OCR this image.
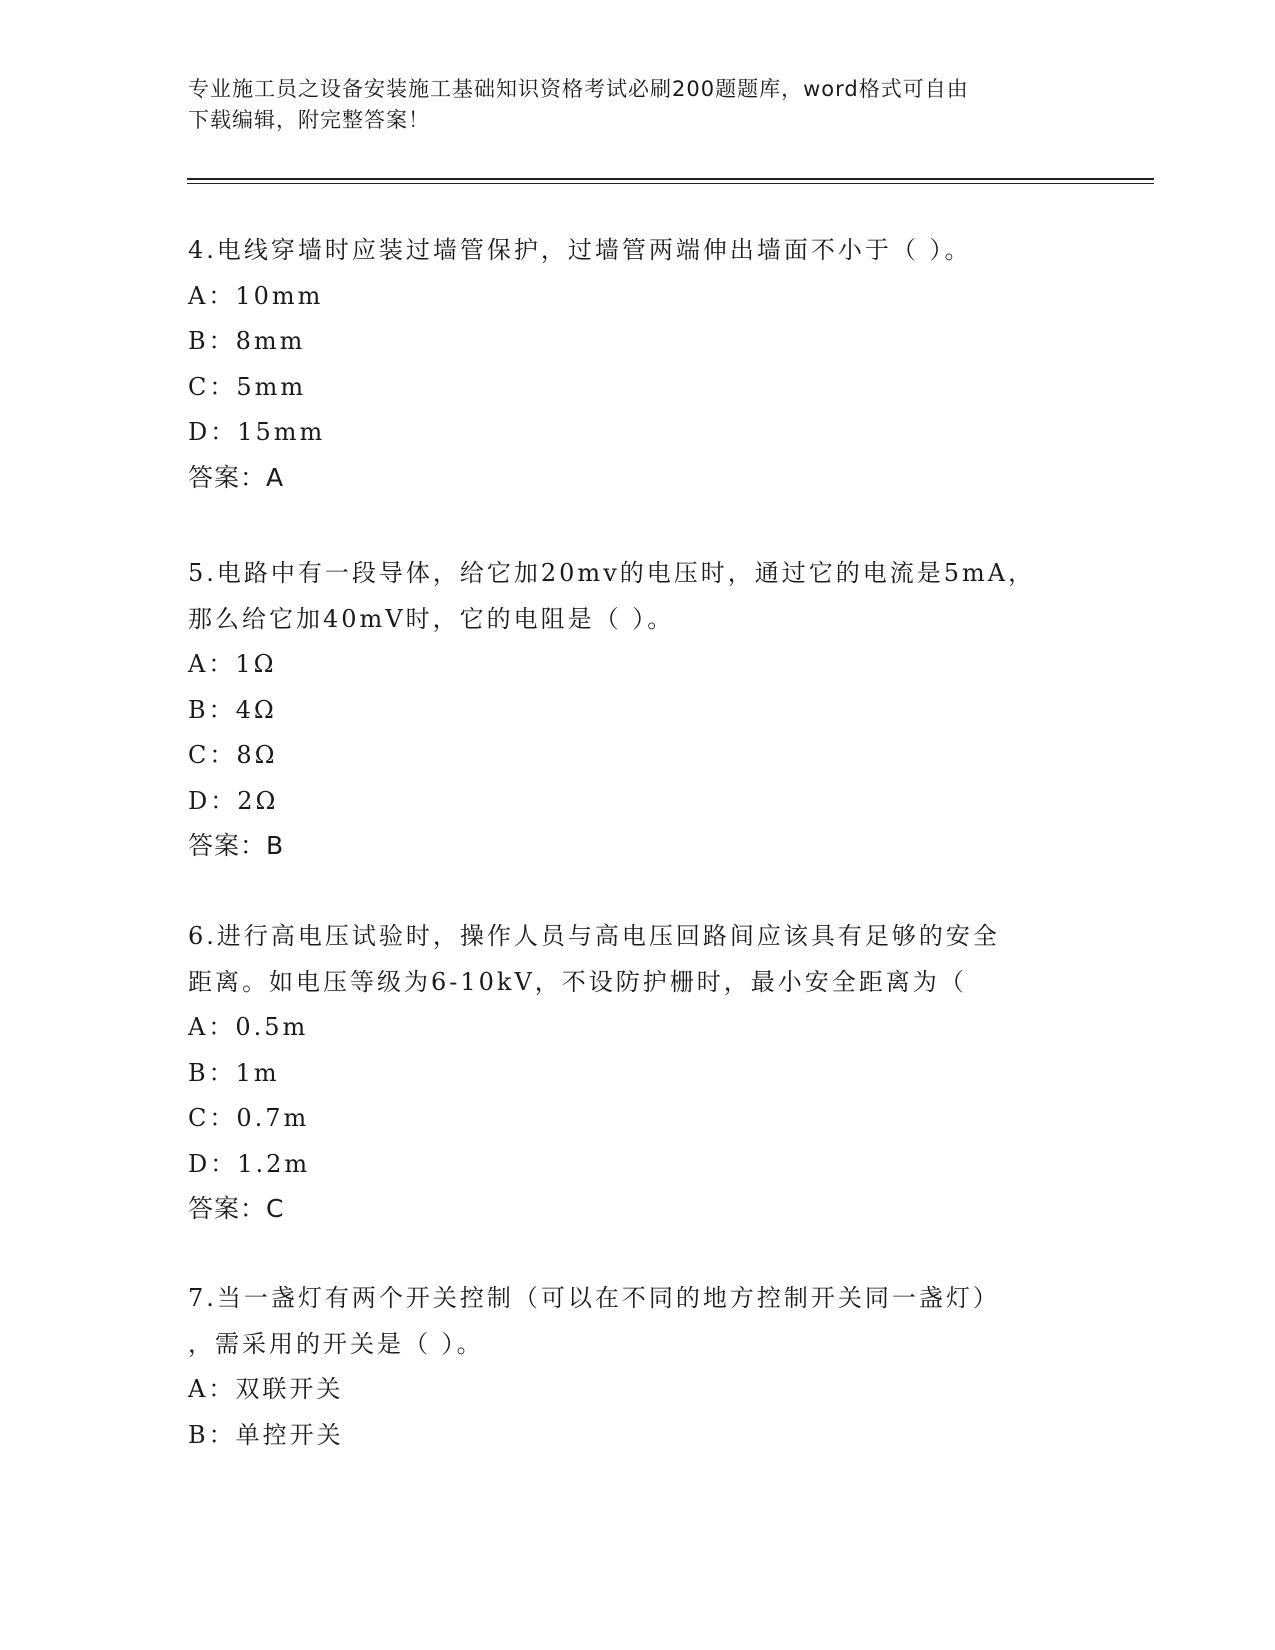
专业施工员之设备安装施工基础知识资格考试必刷200题题库，word格式可自由
下载编辑，附完整答案！
4.电线穿墙时应装过墙管保护，过墙管两端伸出墙面不小于（ ）。
A：10mm
B：8mm
C：5mm
D：15mm
答案：A
5.电路中有一段导体，给它加20mv的电压时，通过它的电流是5mA，
那么给它加40mV时，它的电阻是（ ）。
A：1Ω
B：4Ω
C：8Ω
D：2Ω
答案：B
6.进行高电压试验时，操作人员与高电压回路间应该具有足够的安全
距离。如电压等级为6-10kV，不设防护栅时，最小安全距离为（
A：0.5m
B：1m
C：0.7m
D：1.2m
答案：C
7.当一盏灯有两个开关控制（可以在不同的地方控制开关同一盏灯）
，需采用的开关是（ ）。
A：双联开关
B：单控开关
